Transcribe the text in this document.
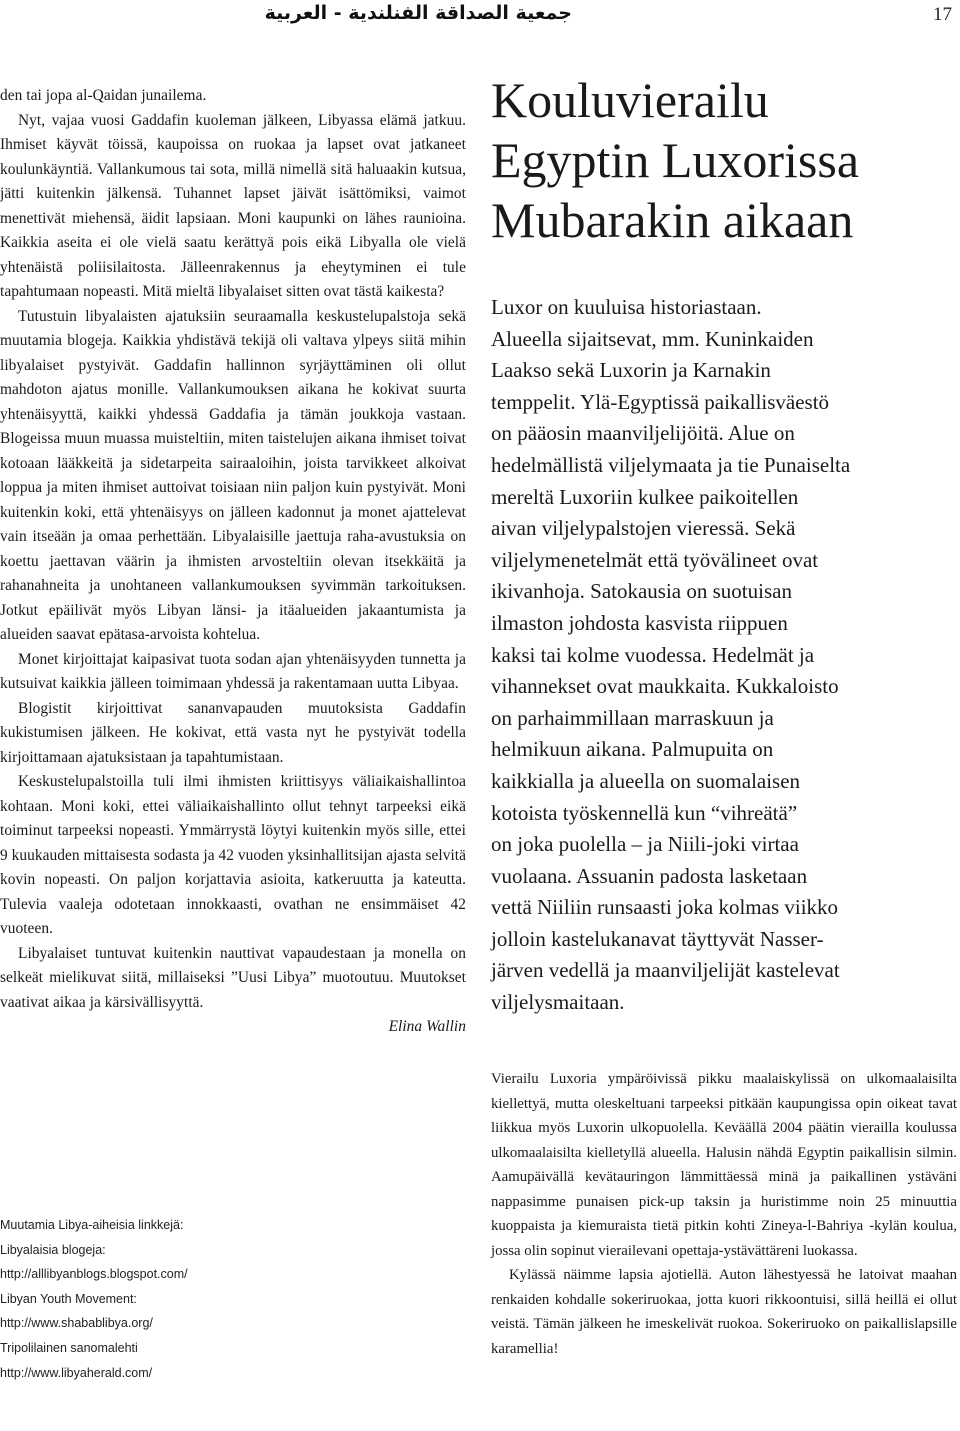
جمعية الصداقة الفنلندية - العربية	17

den tai jopa al-Qaidan junailema.

Nyt, vajaa vuosi Gaddafin kuoleman jälkeen, Libyassa elämä jatkuu. Ihmiset käyvät töissä, kaupoissa on ruokaa ja lapset ovat jatkaneet koulunkäyntiä. Vallankumous tai sota, millä nimellä sitä haluaakin kutsua, jätti kuitenkin jälkensä. Tuhannet lapset jäivät isättömiksi, vaimot menettivät miehensä, äidit lapsiaan. Moni kaupunki on lähes raunioina. Kaikkia aseita ei ole vielä saatu kerättyä pois eikä Libyalla ole vielä yhtenäistä poliisilaitosta. Jälleenrakennus ja eheytyminen ei tule tapahtumaan nopeasti. Mitä mieltä libyalaiset sitten ovat tästä kaikesta?

Tutustuin libyalaisten ajatuksiin seuraamalla keskustelupalstoja sekä muutamia blogeja. Kaikkia yhdistävä tekijä oli valtava ylpeys siitä mihin libyalaiset pystyivät. Gaddafin hallinnon syrjäyttäminen oli ollut mahdoton ajatus monille. Vallankumouksen aikana he kokivat suurta yhtenäisyyttä, kaikki yhdessä Gaddafia ja tämän joukkoja vastaan. Blogeissa muun muassa muisteltiin, miten taistelujen aikana ihmiset toivat kotoaan lääkkeitä ja sidetarpeita sairaaloihin, joista tarvikkeet alkoivat loppua ja miten ihmiset auttoivat toisiaan niin paljon kuin pystyivät. Moni kuitenkin koki, että yhtenäisyys on jälleen kadonnut ja monet ajattelevat vain itseään ja omaa perhettään. Libyalaisille jaettuja raha-avustuksia on koettu jaettavan väärin ja ihmisten arvosteltiin olevan itsekkäitä ja rahanahneita ja unohtaneen vallankumouksen syvimmän tarkoituksen. Jotkut epäilivät myös Libyan länsi- ja itäalueiden jakaantumista ja alueiden saavat epätasa-arvoista kohtelua.

Monet kirjoittajat kaipasivat tuota sodan ajan yhtenäisyyden tunnetta ja kutsuivat kaikkia jälleen toimimaan yhdessä ja rakentamaan uutta Libyaa.

Blogistit kirjoittivat sananvapauden muutoksista Gaddafin kukistumisen jälkeen. He kokivat, että vasta nyt he pystyivät todella kirjoittamaan ajatuksistaan ja tapahtumistaan.

Keskustelupalstoilla tuli ilmi ihmisten kriittisyys väliaikaishallintoa kohtaan. Moni koki, ettei väliaikaishallinto ollut tehnyt tarpeeksi eikä toiminut tarpeeksi nopeasti. Ymmärrystä löytyi kuitenkin myös sille, ettei 9 kuukauden mittaisesta sodasta ja 42 vuoden yksinhallitsijan ajasta selvitä kovin nopeasti. On paljon korjattavia asioita, katkeruutta ja kateutta. Tulevia vaaleja odotetaan innokkaasti, ovathan ne ensimmäiset 42 vuoteen.

Libyalaiset tuntuvat kuitenkin nauttivat vapaudestaan ja monella on selkeät mielikuvat siitä, millaiseksi ”Uusi Libya” muotoutuu. Muutokset vaativat aikaa ja kärsivällisyyttä.

Elina Wallin
Muutamia Libya-aiheisia linkkejä:
Libyalaisia blogeja:
http://alllibyanblogs.blogspot.com/
Libyan Youth Movement:
http://www.shabablibya.org/
Tripolilainen sanomalehti
http://www.libyaherald.com/
Kouluvierailu
Egyptin Luxorissa
Mubarakin aikaan
Luxor on kuuluisa historiastaan.
Alueella sijaitsevat, mm. Kuninkaiden
Laakso sekä Luxorin ja Karnakin
temppelit. Ylä-Egyptissä paikallisväestö
on pääosin maanviljelijöitä. Alue on
hedelmällistä viljelymaata ja tie Punaiselta
mereltä Luxoriin kulkee paikoitellen
aivan viljelypalstojen vieressä. Sekä
viljelymenetelmät että työvälineet ovat
ikivanhoja. Satokausia on suotuisan
ilmaston johdosta kasvista riippuen
kaksi tai kolme vuodessa. Hedelmät ja
vihannekset ovat maukkaita. Kukkaloisto
on parhaimmillaan marraskuun ja
helmikuun aikana. Palmupuita on
kaikkialla ja alueella on suomalaisen
kotoista työskennellä kun “vihreätä”
on joka puolella – ja Niili-joki virtaa
vuolaana. Assuanin padosta lasketaan
vettä Niiliin runsaasti joka kolmas viikko
jolloin kastelukanavat täyttyvät Nasser-
järven vedellä ja maanviljelijät kastelevat
viljelysmaitaan.

Vierailu Luxoria ympäröivissä pikku maalaiskylissä on ulkomaalaisilta kiellettyä, mutta oleskeltuani tarpeeksi pitkään kaupungissa opin oikeat tavat liikkua myös Luxorin ulkopuolella. Keväällä 2004 päätin vierailla koulussa ulkomaalaisilta kielletyllä alueella. Halusin nähdä Egyptin paikallisin silmin. Aamupäivällä kevätauringon lämmittäessä minä ja paikallinen ystäväni nappasimme punaisen pick-up taksin ja huristimme noin 25 minuuttia kuoppaista ja kiemuraista tietä pitkin kohti Zineya-l-Bahriya -kylän koulua, jossa olin sopinut vierailevani opettaja-ystävättäreni luokassa.

Kylässä näimme lapsia ajotiellä. Auton lähestyessä he latoivat maahan renkaiden kohdalle sokeriruokaa, jotta kuori rikkoontuisi, sillä heillä ei ollut veistä. Tämän jälkeen he imeskelivät ruokoa. Sokeriruoko on paikallislapsille karamellia!
